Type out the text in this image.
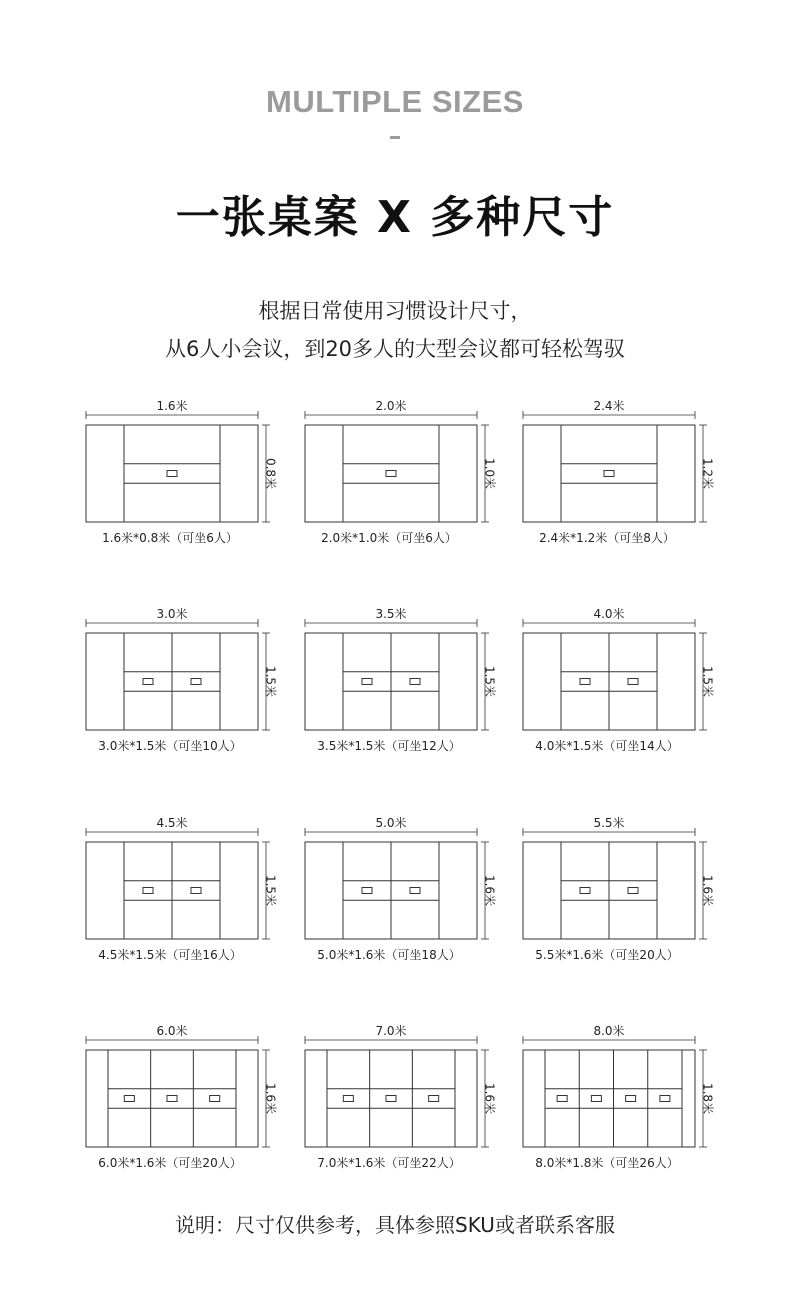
MULTIPLE SIZES
一张桌案 X 多种尺寸
根据日常使用习惯设计尺寸，
从6人小会议，到20多人的大型会议都可轻松驾驭
1.6米
0.8米
1.6米*0.8米（可坐6人）
2.0米
1.0米
2.0米*1.0米（可坐6人）
2.4米
1.2米
2.4米*1.2米（可坐8人）
3.0米
1.5米
3.0米*1.5米（可坐10人）
3.5米
1.5米
3.5米*1.5米（可坐12人）
4.0米
1.5米
4.0米*1.5米（可坐14人）
4.5米
1.5米
4.5米*1.5米（可坐16人）
5.0米
1.6米
5.0米*1.6米（可坐18人）
5.5米
1.6米
5.5米*1.6米（可坐20人）
6.0米
1.6米
6.0米*1.6米（可坐20人）
7.0米
1.6米
7.0米*1.6米（可坐22人）
8.0米
1.8米
8.0米*1.8米（可坐26人）
说明：尺寸仅供参考，具体参照SKU或者联系客服
